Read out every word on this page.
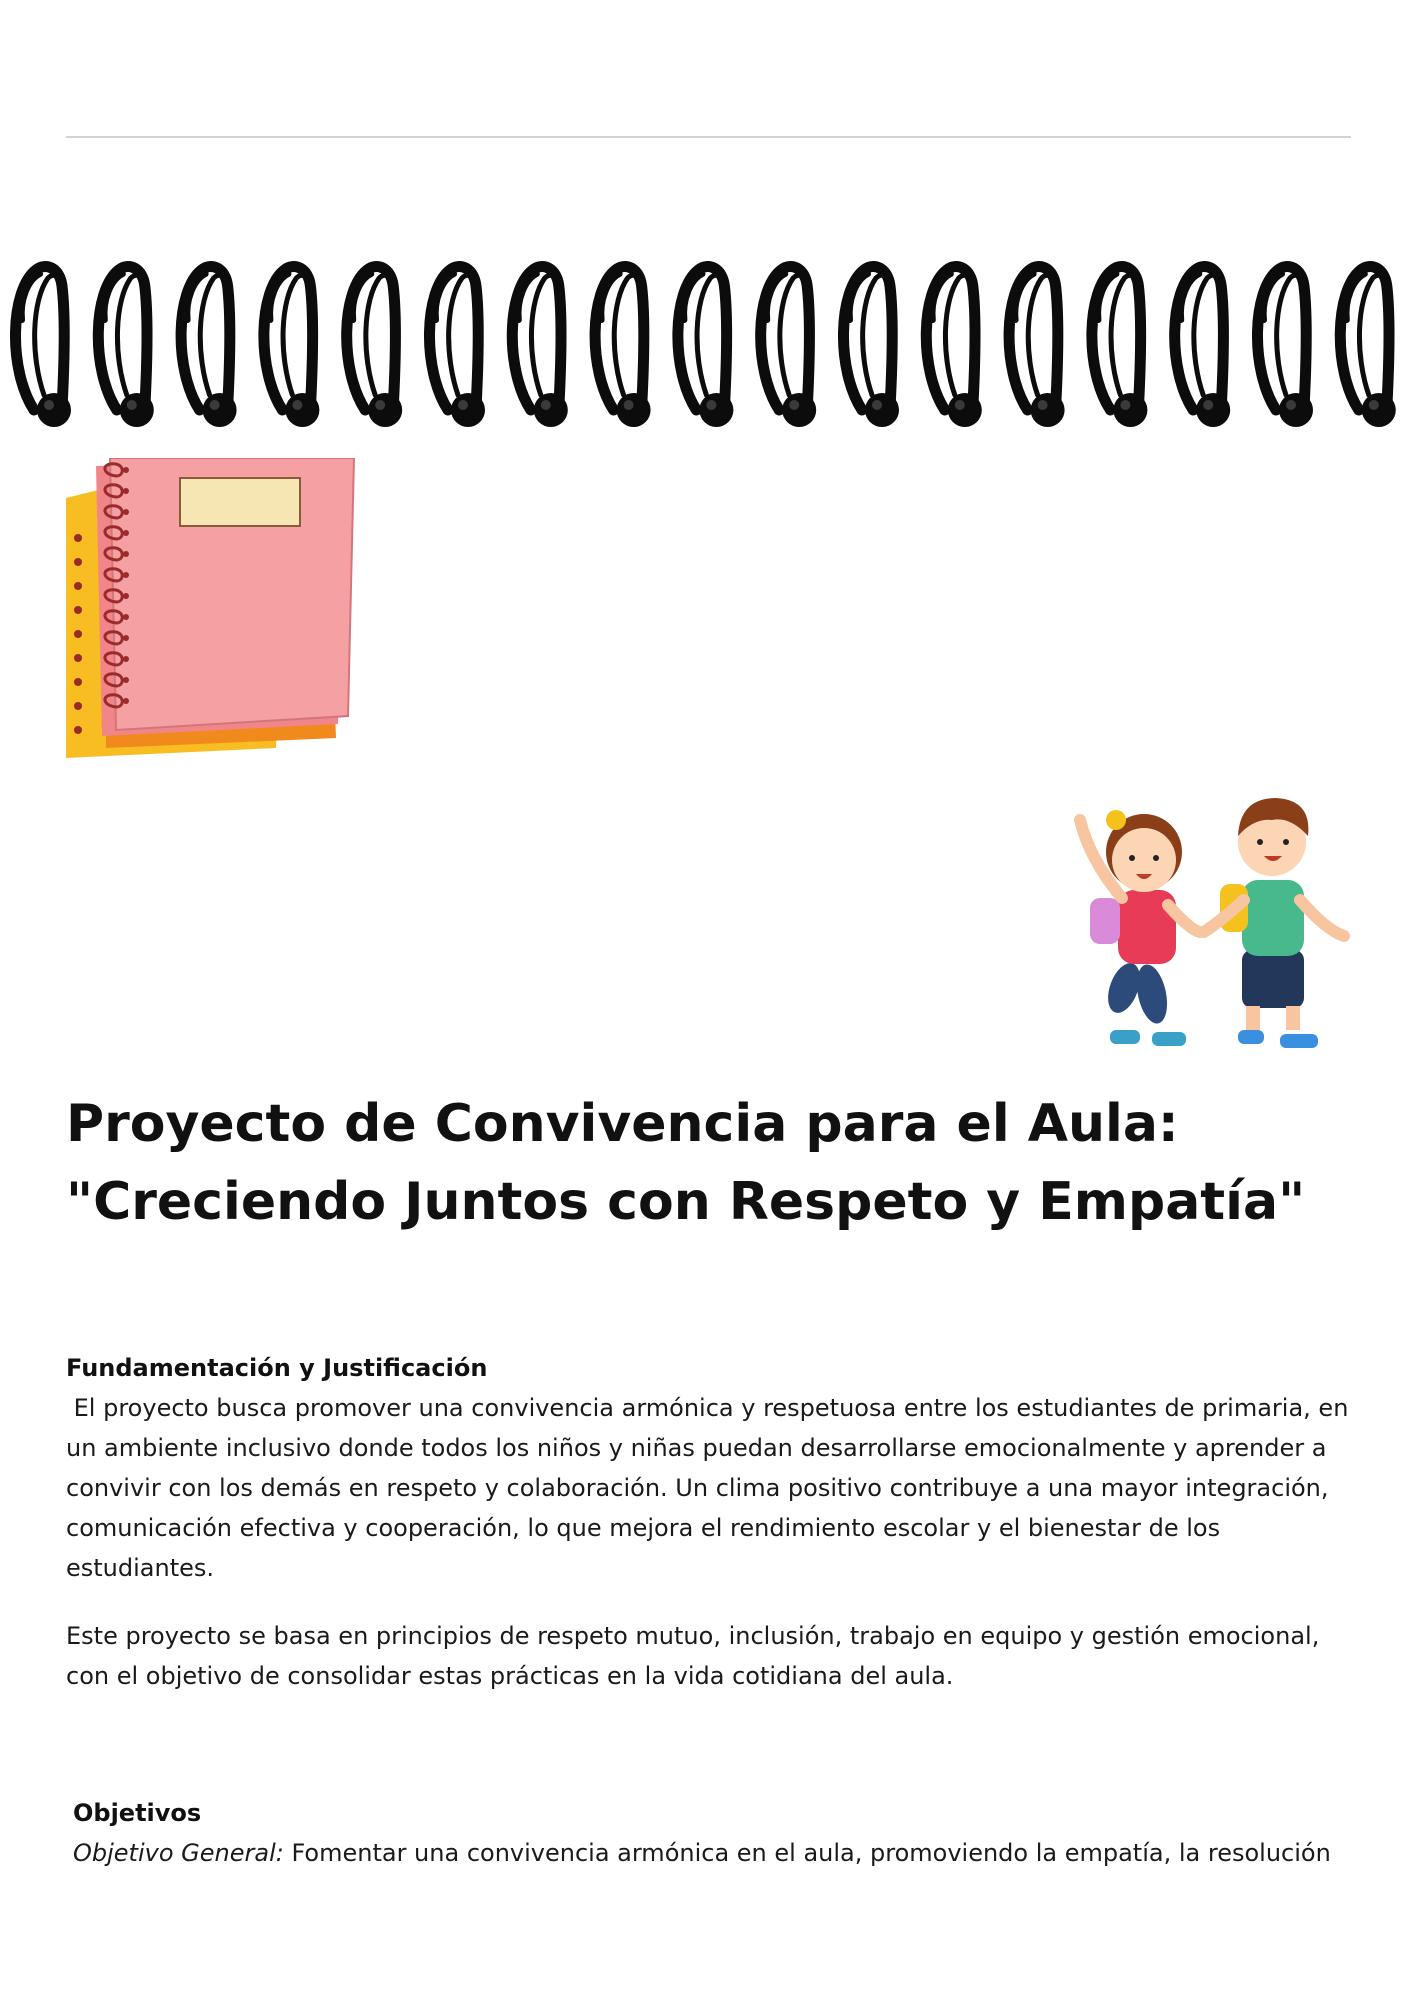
Proyecto de Convivencia para el Aula:
"Creciendo Juntos con Respeto y Empatía"
Fundamentación y Justificación

El proyecto busca promover una convivencia armónica y respetuosa entre los estudiantes de primaria, en un ambiente inclusivo donde todos los niños y niñas puedan desarrollarse emocionalmente y aprender a convivir con los demás en respeto y colaboración. Un clima positivo contribuye a una mayor integración, comunicación efectiva y cooperación, lo que mejora el rendimiento escolar y el bienestar de los estudiantes.

Este proyecto se basa en principios de respeto mutuo, inclusión, trabajo en equipo y gestión emocional, con el objetivo de consolidar estas prácticas en la vida cotidiana del aula.

Objetivos

Objetivo General: Fomentar una convivencia armónica en el aula, promoviendo la empatía, la resolución
